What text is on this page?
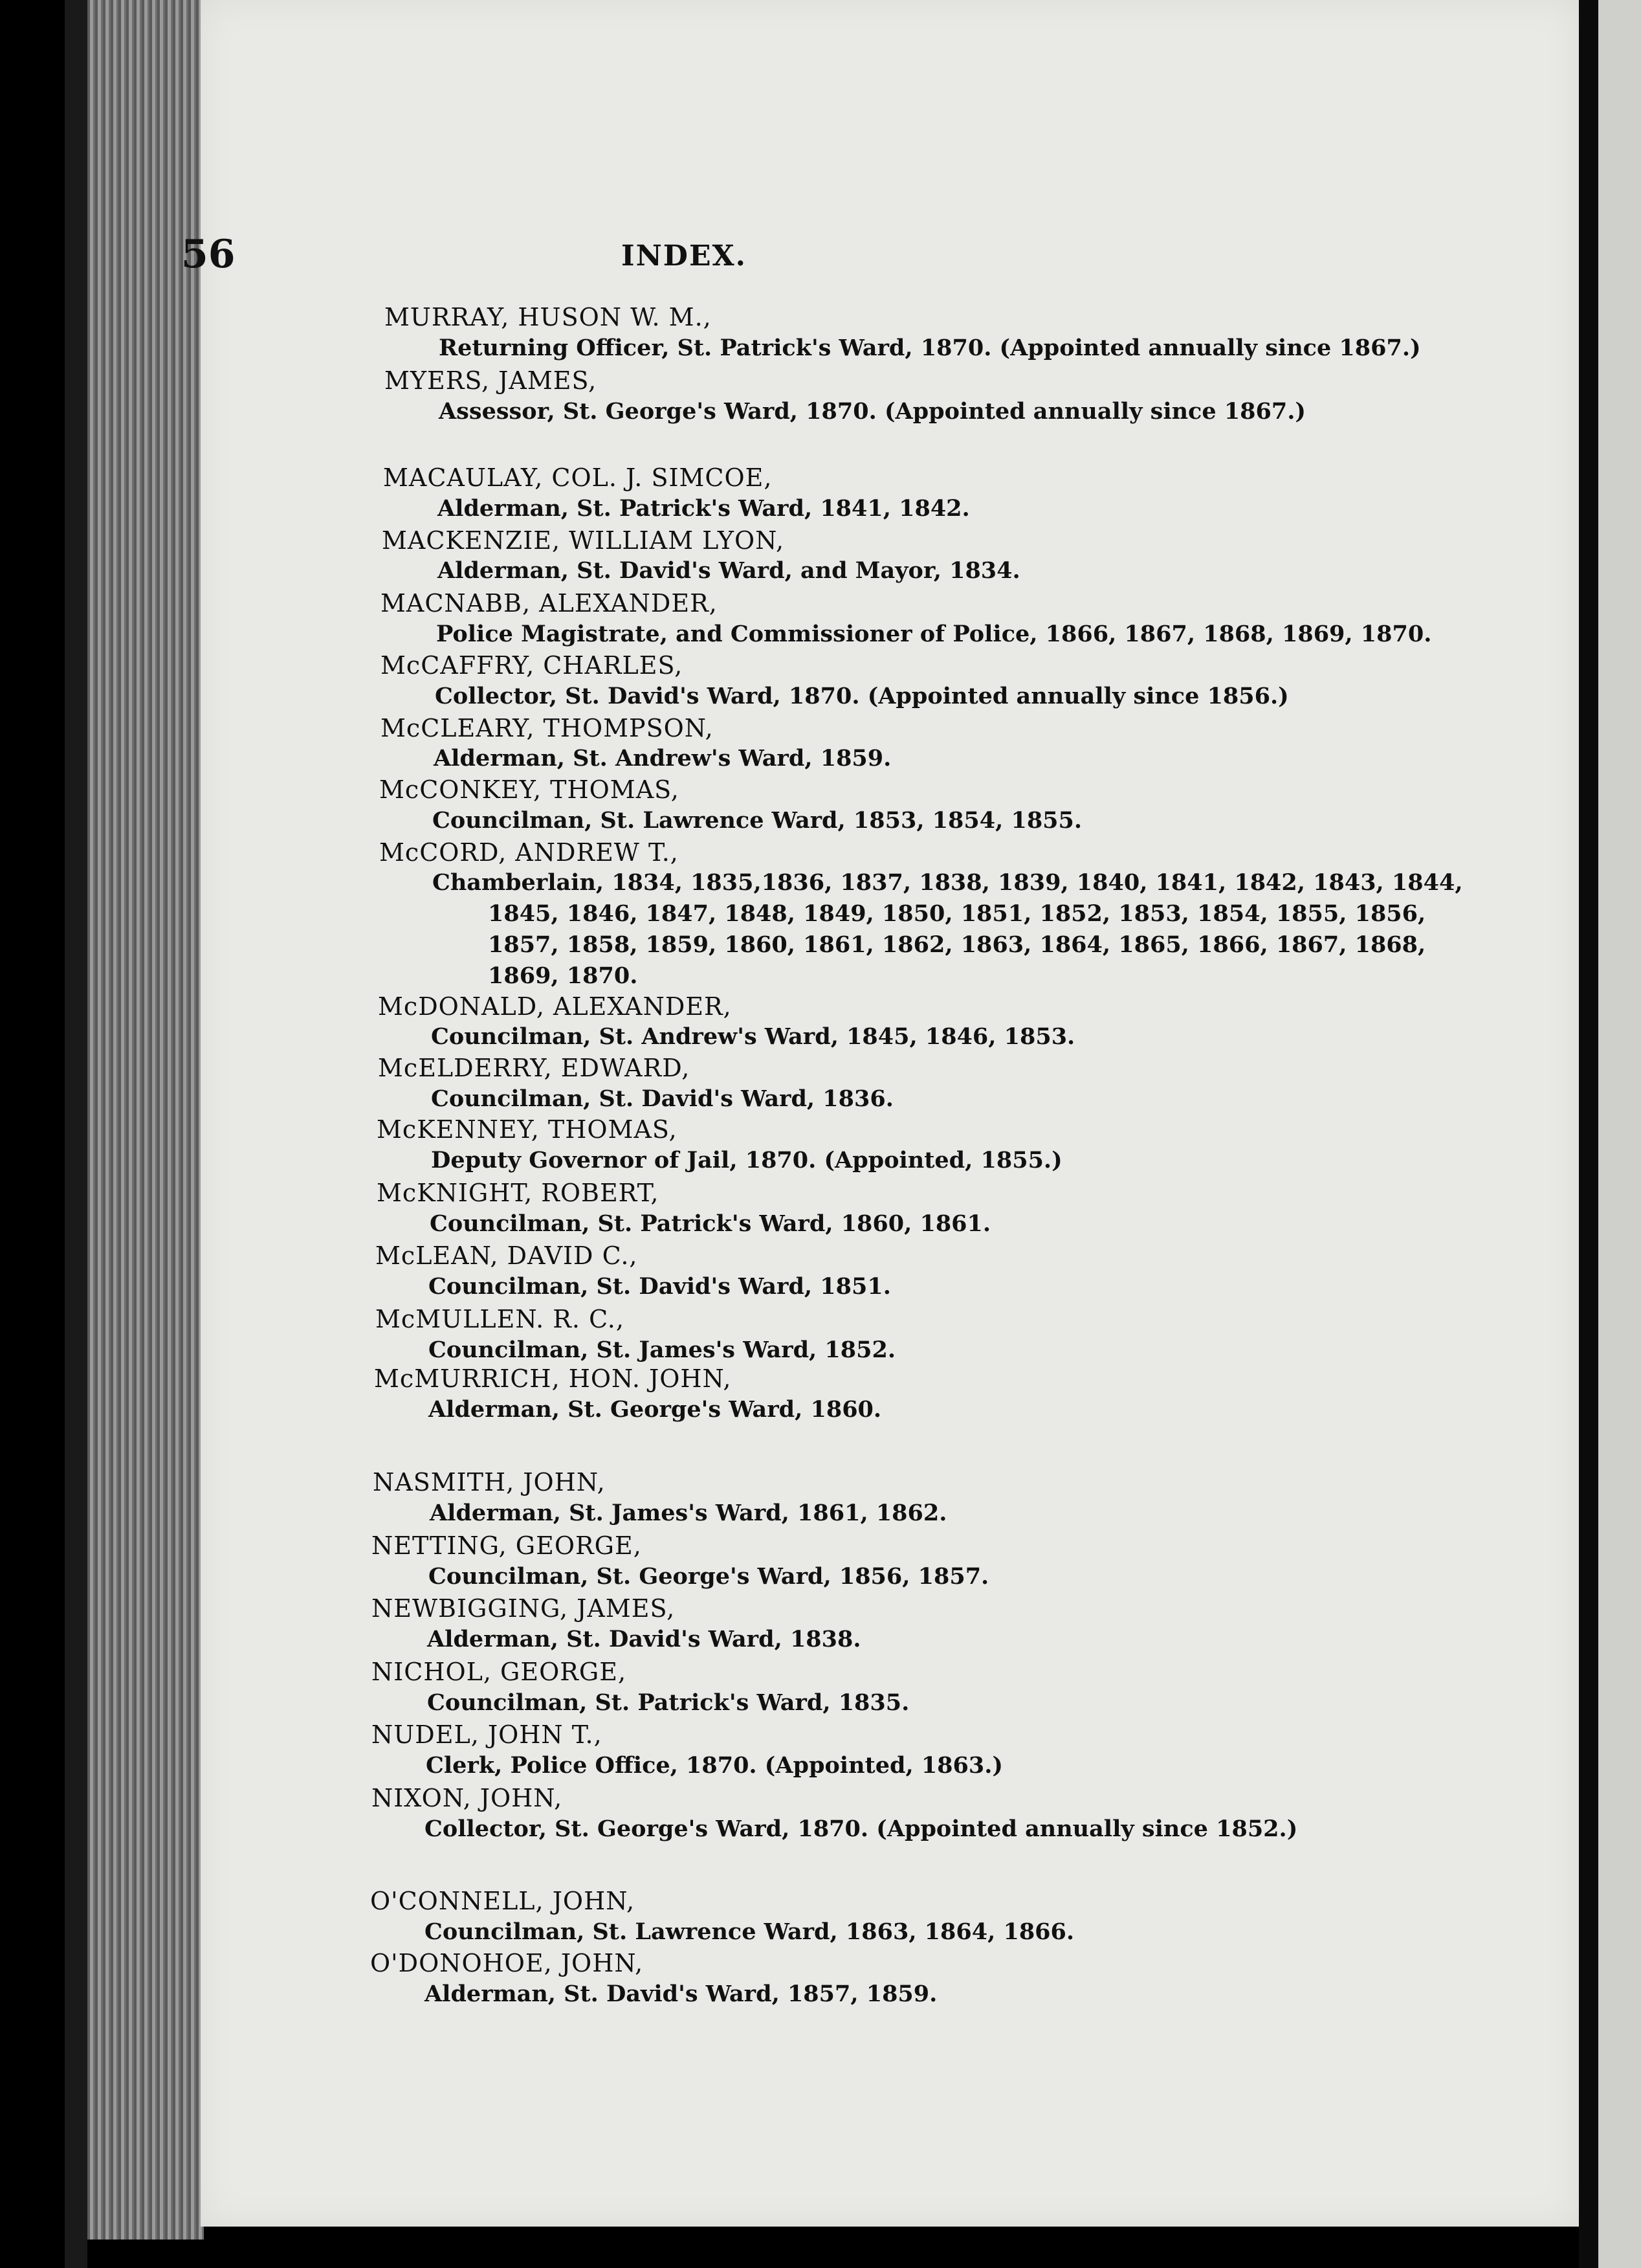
56	INDEX.
MURRAY, HUSON W. M.,
Returning Officer, St. Patrick's Ward, 1870. (Appointed annually since 1867.)
MYERS, JAMES,
Assessor, St. George's Ward, 1870. (Appointed annually since 1867.)
MACAULAY, COL. J. SIMCOE,
Alderman, St. Patrick's Ward, 1841, 1842.
MACKENZIE, WILLIAM LYON,
Alderman, St. David's Ward, and Mayor, 1834.
MACNABB, ALEXANDER,
Police Magistrate, and Commissioner of Police, 1866, 1867, 1868, 1869, 1870.
McCAFFRY, CHARLES,
Collector, St. David's Ward, 1870. (Appointed annually since 1856.)
McCLEARY, THOMPSON,
Alderman, St. Andrew's Ward, 1859.
McCONKEY, THOMAS,
Councilman, St. Lawrence Ward, 1853, 1854, 1855.
McCORD, ANDREW T.,
Chamberlain, 1834, 1835,1836, 1837, 1838, 1839, 1840, 1841, 1842, 1843, 1844,
1845, 1846, 1847, 1848, 1849, 1850, 1851, 1852, 1853, 1854, 1855, 1856,
1857, 1858, 1859, 1860, 1861, 1862, 1863, 1864, 1865, 1866, 1867, 1868,
1869, 1870.
McDONALD, ALEXANDER,
Councilman, St. Andrew's Ward, 1845, 1846, 1853.
McELDERRY, EDWARD,
Councilman, St. David's Ward, 1836.
McKENNEY, THOMAS,
Deputy Governor of Jail, 1870. (Appointed, 1855.)
McKNIGHT, ROBERT,
Councilman, St. Patrick's Ward, 1860, 1861.
McLEAN, DAVID C.,
Councilman, St. David's Ward, 1851.
McMULLEN. R. C.,
Councilman, St. James's Ward, 1852.
McMURRICH, HON. JOHN,
Alderman, St. George's Ward, 1860.
NASMITH, JOHN,
Alderman, St. James's Ward, 1861, 1862.
NETTING, GEORGE,
Councilman, St. George's Ward, 1856, 1857.
NEWBIGGING, JAMES,
Alderman, St. David's Ward, 1838.
NICHOL, GEORGE,
Councilman, St. Patrick's Ward, 1835.
NUDEL, JOHN T.,
Clerk, Police Office, 1870. (Appointed, 1863.)
NIXON, JOHN,
Collector, St. George's Ward, 1870. (Appointed annually since 1852.)
O'CONNELL, JOHN,
Councilman, St. Lawrence Ward, 1863, 1864, 1866.
O'DONOHOE, JOHN,
Alderman, St. David's Ward, 1857, 1859.
